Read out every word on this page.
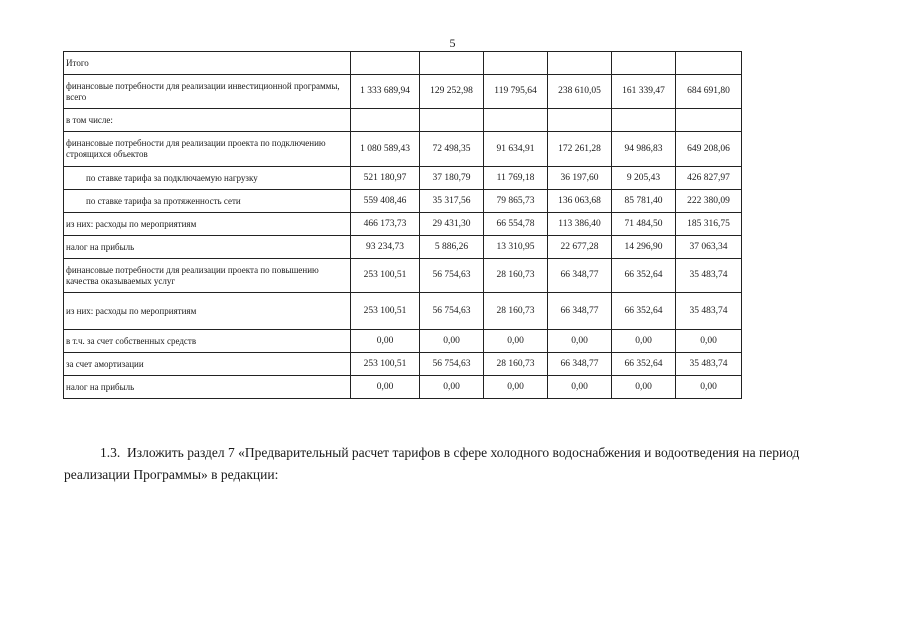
5
Итого						
финансовые потребности для реализации инвестиционной программы, всего	1 333 689,94	129 252,98	119 795,64	238 610,05	161 339,47	684 691,80
в том числе:						
финансовые потребности для реализации проекта по подключению строящихся объектов	1 080 589,43	72 498,35	91 634,91	172 261,28	94 986,83	649 208,06
по ставке тарифа за подключаемую нагрузку	521 180,97	37 180,79	11 769,18	36 197,60	9 205,43	426 827,97
по ставке тарифа за протяженность сети	559 408,46	35 317,56	79 865,73	136 063,68	85 781,40	222 380,09
из них: расходы по мероприятиям	466 173,73	29 431,30	66 554,78	113 386,40	71 484,50	185 316,75
налог на прибыль	93 234,73	5 886,26	13 310,95	22 677,28	14 296,90	37 063,34
финансовые потребности для реализации проекта по повышению качества оказываемых услуг	253 100,51	56 754,63	28 160,73	66 348,77	66 352,64	35 483,74
из них: расходы по мероприятиям	253 100,51	56 754,63	28 160,73	66 348,77	66 352,64	35 483,74
в т.ч. за счет собственных средств	0,00	0,00	0,00	0,00	0,00	0,00
за счет амортизации	253 100,51	56 754,63	28 160,73	66 348,77	66 352,64	35 483,74
налог на прибыль	0,00	0,00	0,00	0,00	0,00	0,00
1.3. Изложить раздел 7 «Предварительный расчет тарифов в сфере холодного водоснабжения и водоотведения на период реализации Программы» в редакции:
